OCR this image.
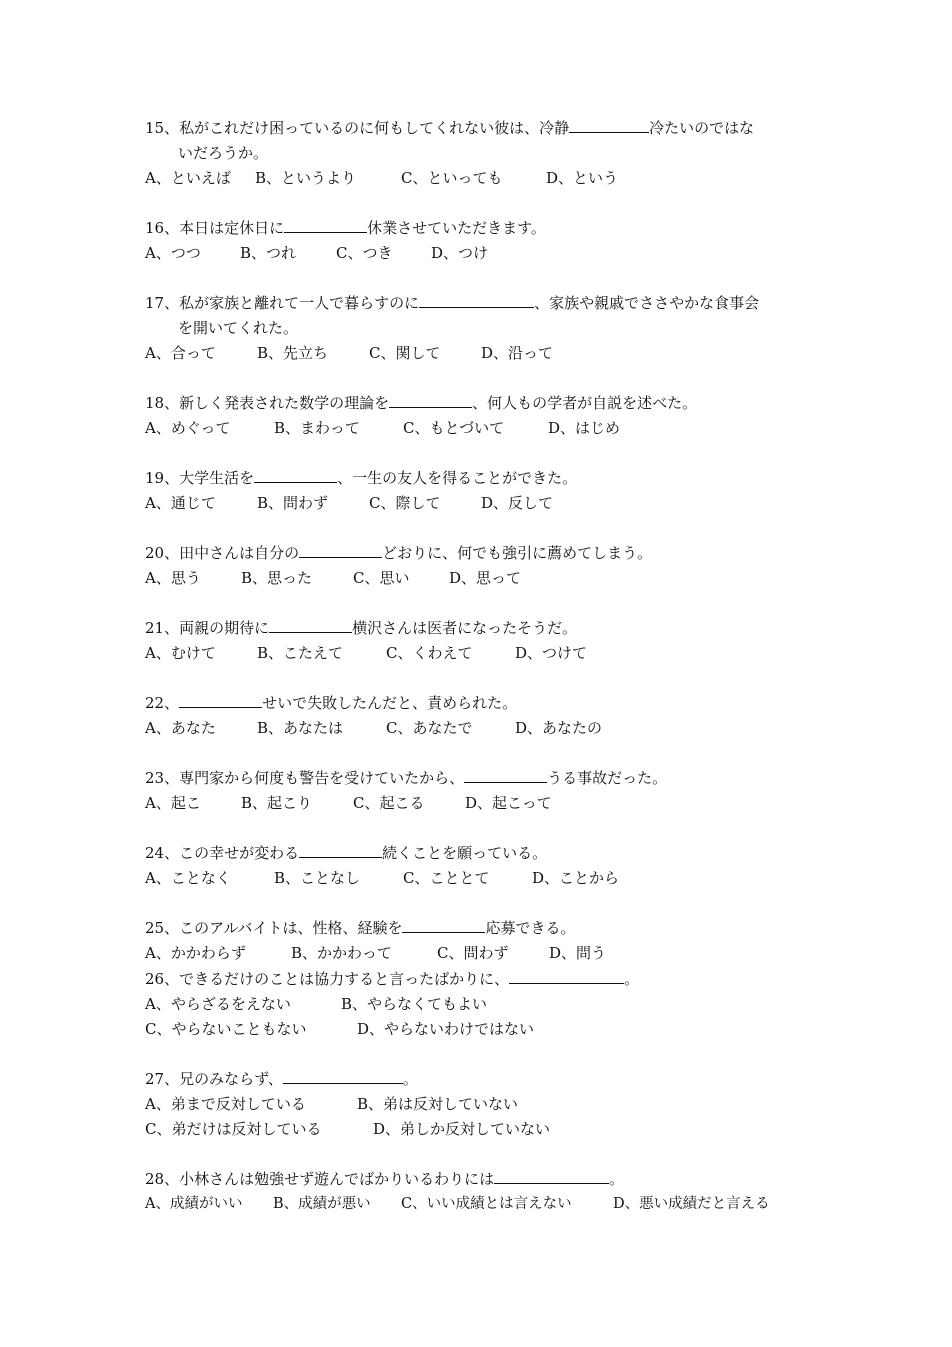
15、私がこれだけ困っているのに何もしてくれない彼は、冷静	冷たいのではな
いだろうか。
A、といえば B、というより	C、といっても	D、という
16、本日は定休日に	休業させていただきます。
A、つつ	B、つれ	C、つき	D、つけ
17、私が家族と離れて一人で暮らすのに	、家族や親戚でささやかな食事会
を開いてくれた。
A、合って	B、先立ち	C、関して	D、沿って
18、新しく発表された数学の理論を	、何人もの学者が自説を述べた。
A、めぐって	B、まわって	C、もとづいて	D、はじめ
19、大学生活を	、一生の友人を得ることができた。
A、通じて	B、問わず	C、際して	D、反して
20、田中さんは自分の	どおりに、何でも強引に薦めてしまう。
A、思う	B、思った	C、思い	D、思って
21、両親の期待に	横沢さんは医者になったそうだ。
A、むけて	B、こたえて	C、くわえて	D、つけて
22、	せいで失敗したんだと、責められた。
A、あなた	B、あなたは	C、あなたで	D、あなたの
23、専門家から何度も警告を受けていたから、	うる事故だった。
A、起こ	B、起こり	C、起こる	D、起こって
24、この幸せが変わる	続くことを願っている。
A、ことなく	B、ことなし	C、こととて	D、ことから
25、このアルバイトは、性格、経験を	応募できる。
A、かかわらず	B、かかわって	C、問わず	D、問う
26、できるだけのことは協力すると言ったばかりに、	。
A、やらざるをえない	B、やらなくてもよい
C、やらないこともない	D、やらないわけではない
27、兄のみならず、	。
A、弟まで反対している	B、弟は反対していない
C、弟だけは反対している	D、弟しか反対していない
28、小林さんは勉強せず遊んでばかりいるわりには	。
A、成績がいい B、成績が悪い C、いい成績とは言えない	D、悪い成績だと言える
